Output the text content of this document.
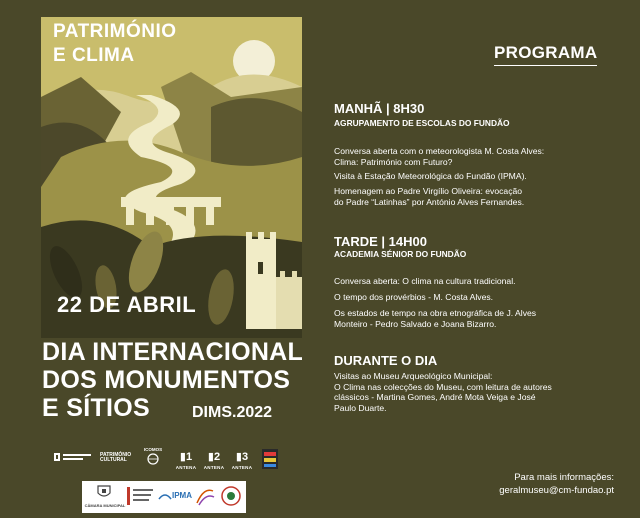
PATRIMÓNIO
E CLIMA
22 DE ABRIL
DIA INTERNACIONAL
DOS MONUMENTOS
E SÍTIOS	DIMS.2022
PROGRAMA
MANHÃ | 8H30
AGRUPAMENTO DE ESCOLAS DO FUNDÃO
Conversa aberta com o meteorologista M. Costa Alves:
Clima: Património com Futuro?
Visita à Estação Meteorológica do Fundão (IPMA).
Homenagem ao Padre Virgílio Oliveira: evocação
do Padre “Latinhas” por António Alves Fernandes.
TARDE | 14H00
ACADEMIA SÉNIOR DO FUNDÃO
Conversa aberta: O clima na cultura tradicional.
O tempo dos provérbios - M. Costa Alves.
Os estados de tempo na obra etnográfica de J. Alves
Monteiro - Pedro Salvado e Joana Bizarro.
DURANTE O DIA
Visitas ao Museu Arqueológico Municipal:
O Clima nas colecções do Museu, com leitura de autores
clássicos - Martina Gomes, André Mota Veiga e José
Paulo Duarte.
Para mais informações:
geralmuseu@cm-fundao.pt
PATRIMÓNIO CULTURAL
ICOMOS
▮1
ANTENA
▮2
ANTENA
▮3
ANTENA
CÂMARA MUNICIPAL
IPMA
